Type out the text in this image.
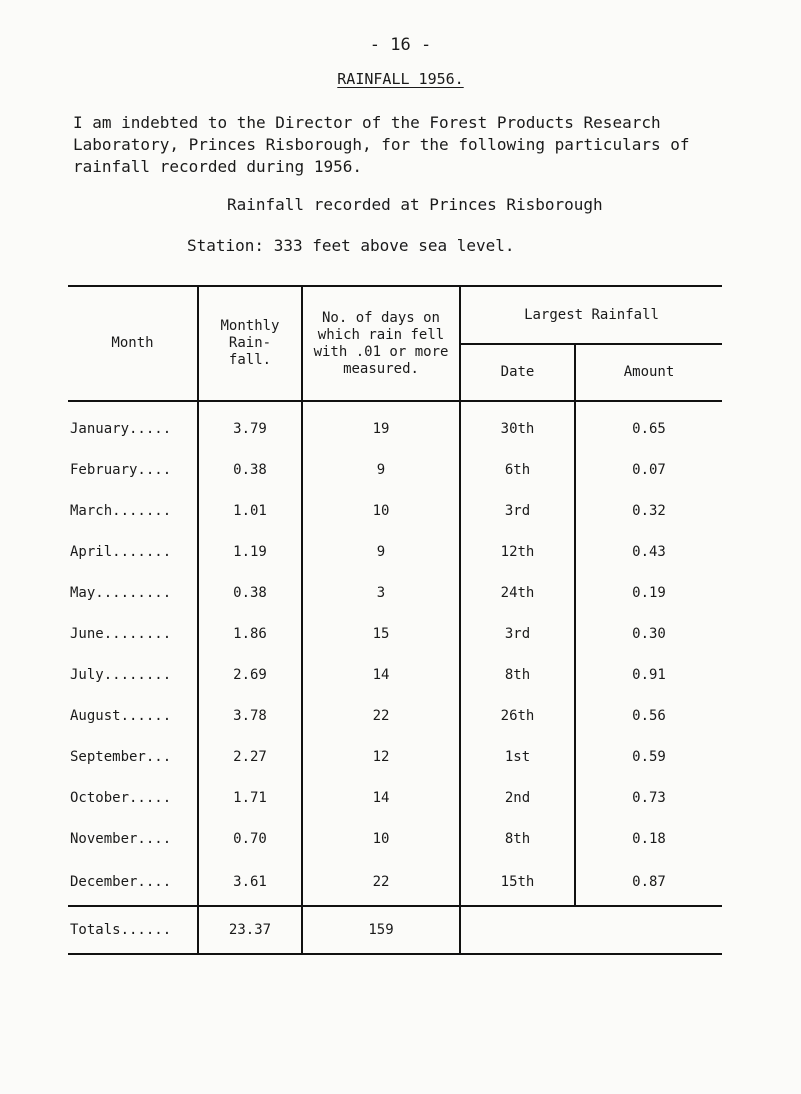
- 16 -
RAINFALL 1956.

I am indebted to the Director of the Forest Products Research Laboratory, Princes Risborough, for the following particulars of rainfall recorded during 1956.

Rainfall recorded at Princes Risborough
Station: 333 feet above sea level.
Month	Monthly Rain- fall.	No. of days on which rain fell with .01 or more measured.	Largest Rainfall	
			Date	Amount
January.....	3.79	19	30th	0.65
February....	0.38	9	6th	0.07
March.......	1.01	10	3rd	0.32
April.......	1.19	9	12th	0.43
May.........	0.38	3	24th	0.19
June........	1.86	15	3rd	0.30
July........	2.69	14	8th	0.91
August......	3.78	22	26th	0.56
September...	2.27	12	1st	0.59
October.....	1.71	14	2nd	0.73
November....	0.70	10	8th	0.18
December....	3.61	22	15th	0.87
Totals......	23.37	159		
